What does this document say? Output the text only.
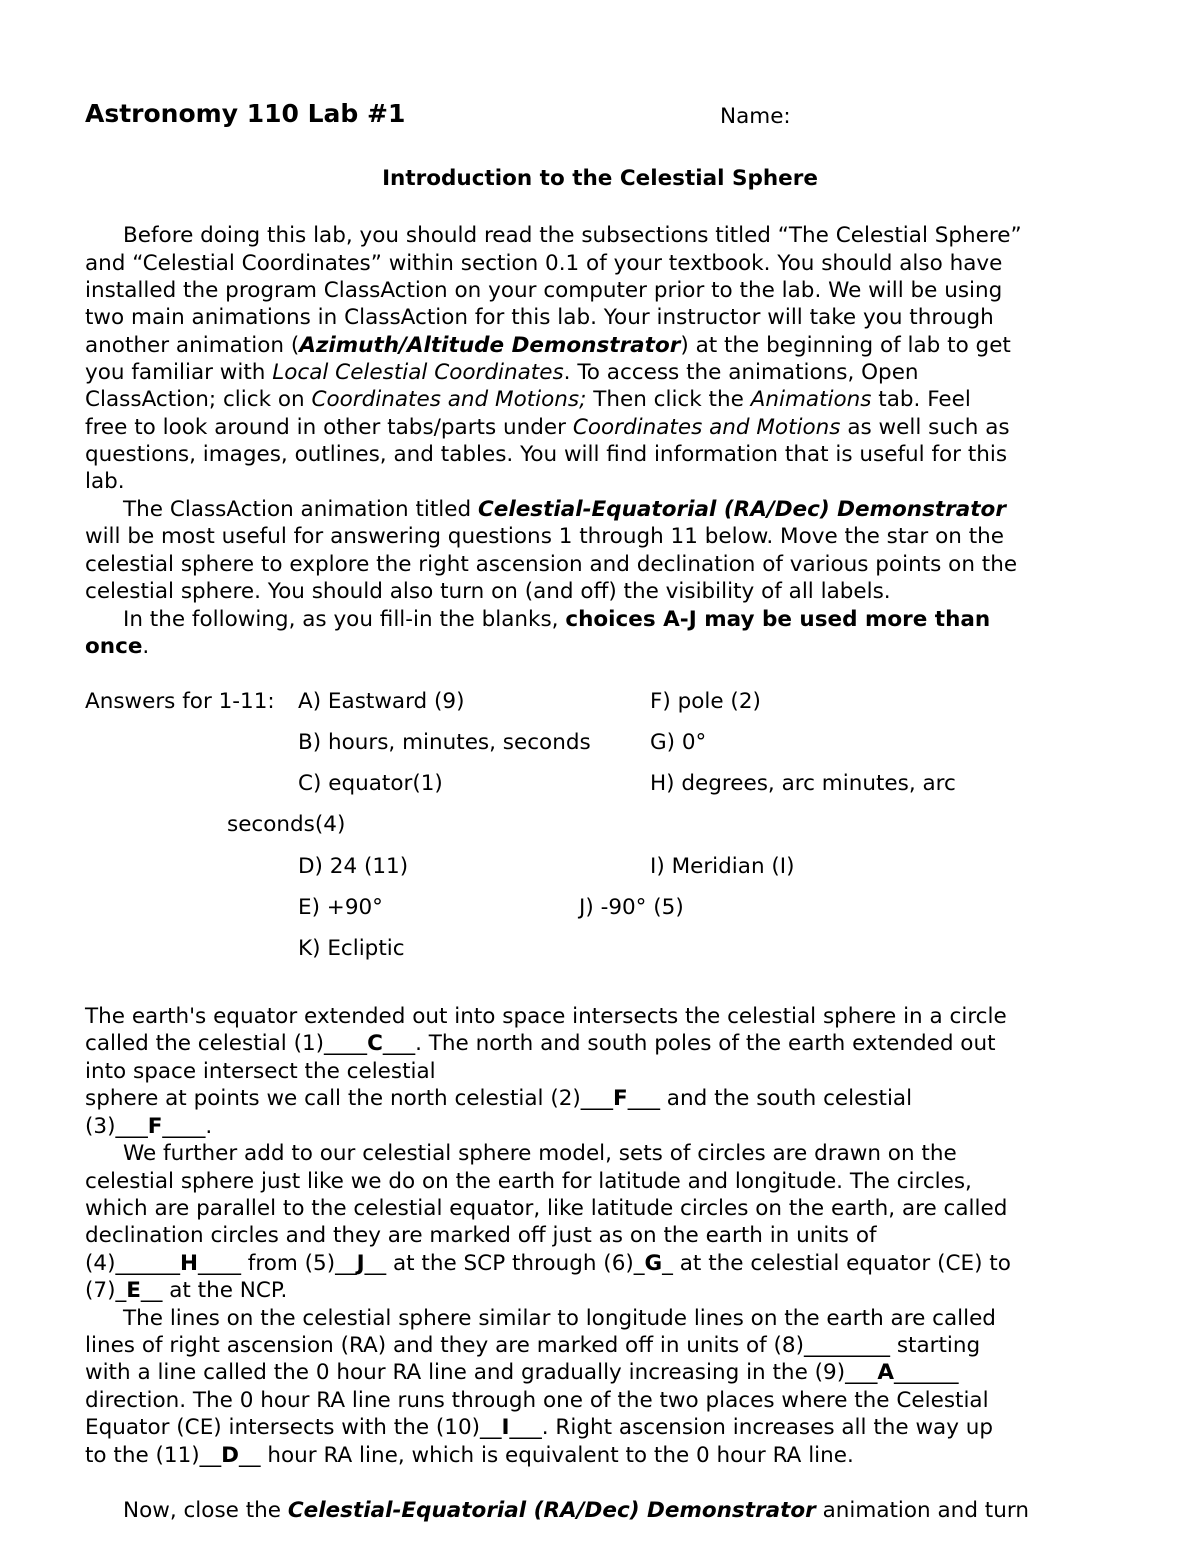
Astronomy 110 Lab #1	Name:
Introduction to the Celestial Sphere
Before doing this lab, you should read the subsections titled “The Celestial Sphere”
and “Celestial Coordinates” within section 0.1 of your textbook. You should also have
installed the program ClassAction on your computer prior to the lab. We will be using
two main animations in ClassAction for this lab. Your instructor will take you through
another animation (Azimuth/Altitude Demonstrator) at the beginning of lab to get
you familiar with Local Celestial Coordinates. To access the animations, Open
ClassAction; click on Coordinates and Motions; Then click the Animations tab. Feel
free to look around in other tabs/parts under Coordinates and Motions as well such as
questions, images, outlines, and tables. You will find information that is useful for this
lab.
The ClassAction animation titled Celestial-Equatorial (RA/Dec) Demonstrator
will be most useful for answering questions 1 through 11 below. Move the star on the
celestial sphere to explore the right ascension and declination of various points on the
celestial sphere. You should also turn on (and off) the visibility of all labels.
In the following, as you fill-in the blanks, choices A-J may be used more than
once.
Answers for 1-11: A) Eastward (9)	F) pole (2)
B) hours, minutes, seconds	G) 0°
C) equator(1)	H) degrees, arc minutes, arc
seconds(4)
D) 24 (11)	I) Meridian (I)
E) +90°	J) -90° (5)
K) Ecliptic
The earth's equator extended out into space intersects the celestial sphere in a circle
called the celestial (1)____C___. The north and south poles of the earth extended out
into space intersect the celestial
sphere at points we call the north celestial (2)___F___ and the south celestial
(3)___F____.
We further add to our celestial sphere model, sets of circles are drawn on the
celestial sphere just like we do on the earth for latitude and longitude. The circles,
which are parallel to the celestial equator, like latitude circles on the earth, are called
declination circles and they are marked off just as on the earth in units of
(4)______H____ from (5)__J__ at the SCP through (6)_G_ at the celestial equator (CE) to
(7)_E__ at the NCP.
The lines on the celestial sphere similar to longitude lines on the earth are called
lines of right ascension (RA) and they are marked off in units of (8)________ starting
with a line called the 0 hour RA line and gradually increasing in the (9)___A______
direction. The 0 hour RA line runs through one of the two places where the Celestial
Equator (CE) intersects with the (10)__I___. Right ascension increases all the way up
to the (11)__D__ hour RA line, which is equivalent to the 0 hour RA line.
Now, close the Celestial-Equatorial (RA/Dec) Demonstrator animation and turn
